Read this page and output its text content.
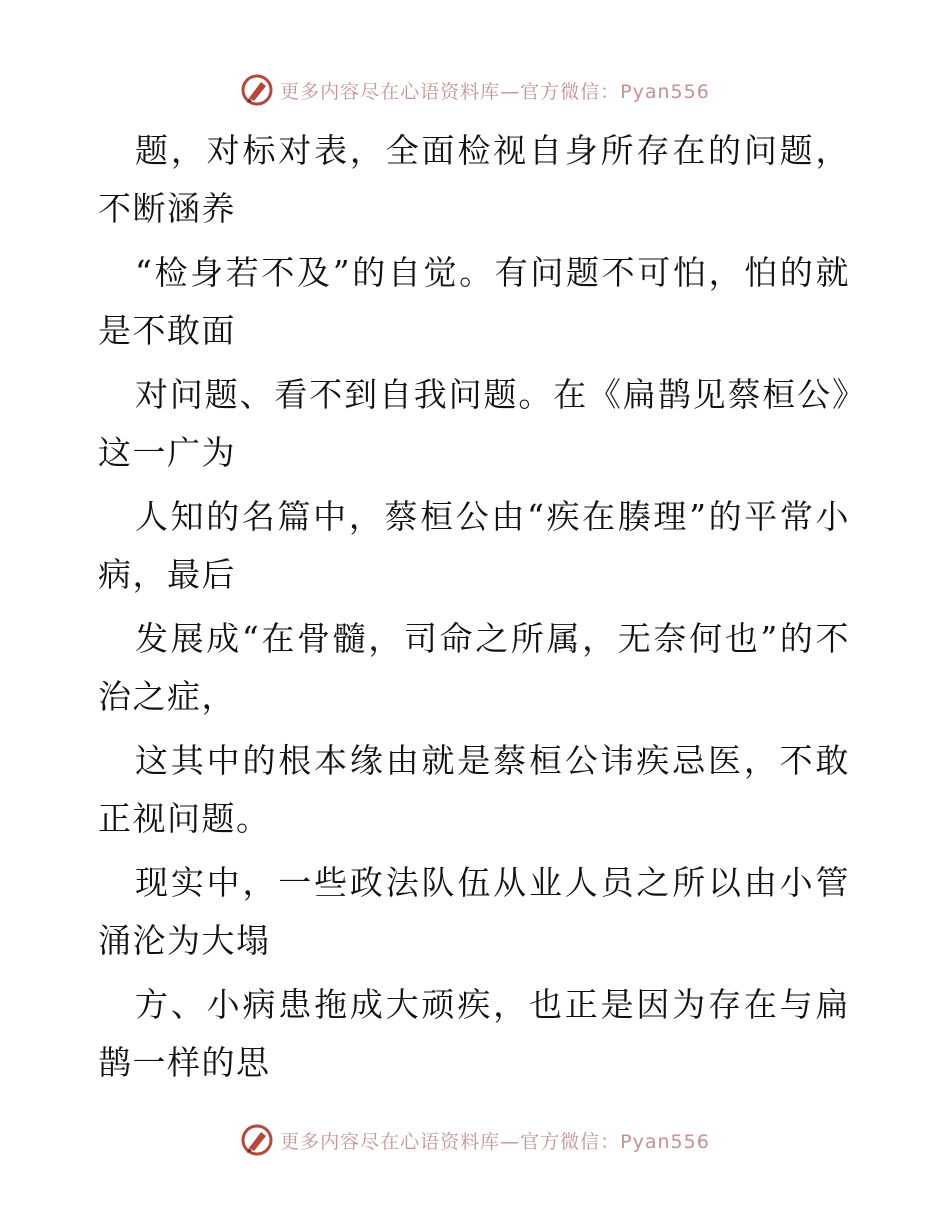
更多内容尽在心语资料库—官方微信：Pyan556

题，对标对表，全面检视自身所存在的问题，不断涵养

“检身若不及”的自觉。有问题不可怕，怕的就是不敢面

对问题、看不到自我问题。在《扁鹊见蔡桓公》这一广为

人知的名篇中，蔡桓公由“疾在腠理”的平常小病，最后

发展成“在骨髓，司命之所属，无奈何也”的不治之症，

这其中的根本缘由就是蔡桓公讳疾忌医，不敢正视问题。

现实中，一些政法队伍从业人员之所以由小管涌沦为大塌

方、小病患拖成大顽疾，也正是因为存在与扁鹊一样的思

更多内容尽在心语资料库—官方微信：Pyan556
